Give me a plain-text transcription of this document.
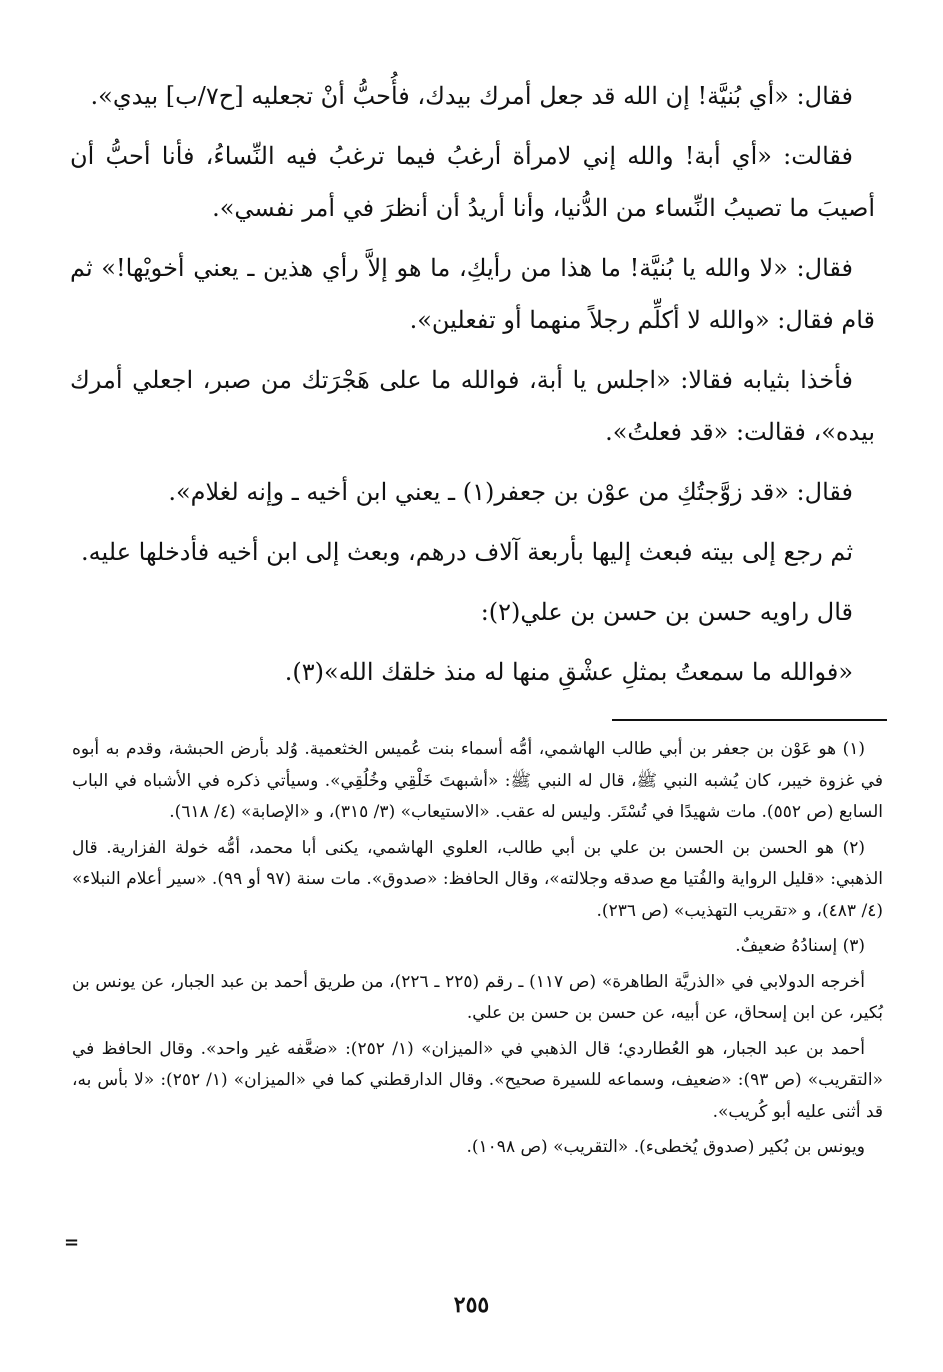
فقال: «أي بُنيَّة! إن الله قد جعل أمرك بيدك، فأُحبُّ أنْ تجعليه [ح٧/ب] بيدي».

فقالت: «أي أبة! والله إني لامرأة أرغبُ فيما ترغبُ فيه النِّساءُ، فأنا أحبُّ أن أصيبَ ما تصيبُ النِّساء من الدُّنيا، وأنا أريدُ أن أنظرَ في أمر نفسي».

فقال: «لا والله يا بُنيَّة! ما هذا من رأيكِ، ما هو إلاَّ رأي هذين ـ يعني أخويْها!» ثم قام فقال: «والله لا أكلِّم رجلاً منهما أو تفعلين».

فأخذا بثيابه فقالا: «اجلس يا أبة، فوالله ما على هَجْرَتك من صبر، اجعلي أمرك بيده»، فقالت: «قد فعلتُ».

فقال: «قد زوَّجتُكِ من عوْن بن جعفر(١) ـ يعني ابن أخيه ـ وإنه لغلام».

ثم رجع إلى بيته فبعث إليها بأربعة آلاف درهم، وبعث إلى ابن أخيه فأدخلها عليه.

قال راويه حسن بن حسن بن علي(٢):

«فوالله ما سمعتُ بمثلِ عشْقِ منها له منذ خلقك الله»(٣).

(١) هو عَوْن بن جعفر بن أبي طالب الهاشمي، أمُّه أسماء بنت عُميس الخثعمية. وُلد بأرض الحبشة، وقدم به أبوه في غزوة خيبر، كان يُشبه النبي ﷺ، قال له النبي ﷺ: «أشبهتَ خَلْقِي وخُلُقِي». وسيأتي ذكره في الأشباه في الباب السابع (ص ٥٥٢). مات شهيدًا في تُسْتَر. وليس له عقب. «الاستيعاب» (٣/ ٣١٥)، و «الإصابة» (٤/ ٦١٨).

(٢) هو الحسن بن الحسن بن علي بن أبي طالب، العلوي الهاشمي، يكنى أبا محمد، أمُّه خولة الفزارية. قال الذهبي: «قليل الرواية والفُتيا مع صدقه وجلالته»، وقال الحافظ: «صدوق». مات سنة (٩٧ أو ٩٩). «سير أعلام النبلاء» (٤/ ٤٨٣)، و «تقريب التهذيب» (ص ٢٣٦).

(٣) إسنادُهُ ضعيفٌ.

أخرجه الدولابي في «الذريَّة الطاهرة» (ص ١١٧) ـ رقم (٢٢٥ ـ ٢٢٦)، من طريق أحمد بن عبد الجبار، عن يونس بن بُكير، عن ابن إسحاق، عن أبيه، عن حسن بن حسن بن علي.

أحمد بن عبد الجبار، هو العُطاردي؛ قال الذهبي في «الميزان» (١/ ٢٥٢): «ضعَّفه غير واحد». وقال الحافظ في «التقريب» (ص ٩٣): «ضعيف، وسماعه للسيرة صحيح». وقال الدارقطني كما في «الميزان» (١/ ٢٥٢): «لا بأس به، قد أثنى عليه أبو كُريب».

ويونس بن بُكير (صدوق يُخطىء). «التقريب» (ص ١٠٩٨).

=
٢٥٥
